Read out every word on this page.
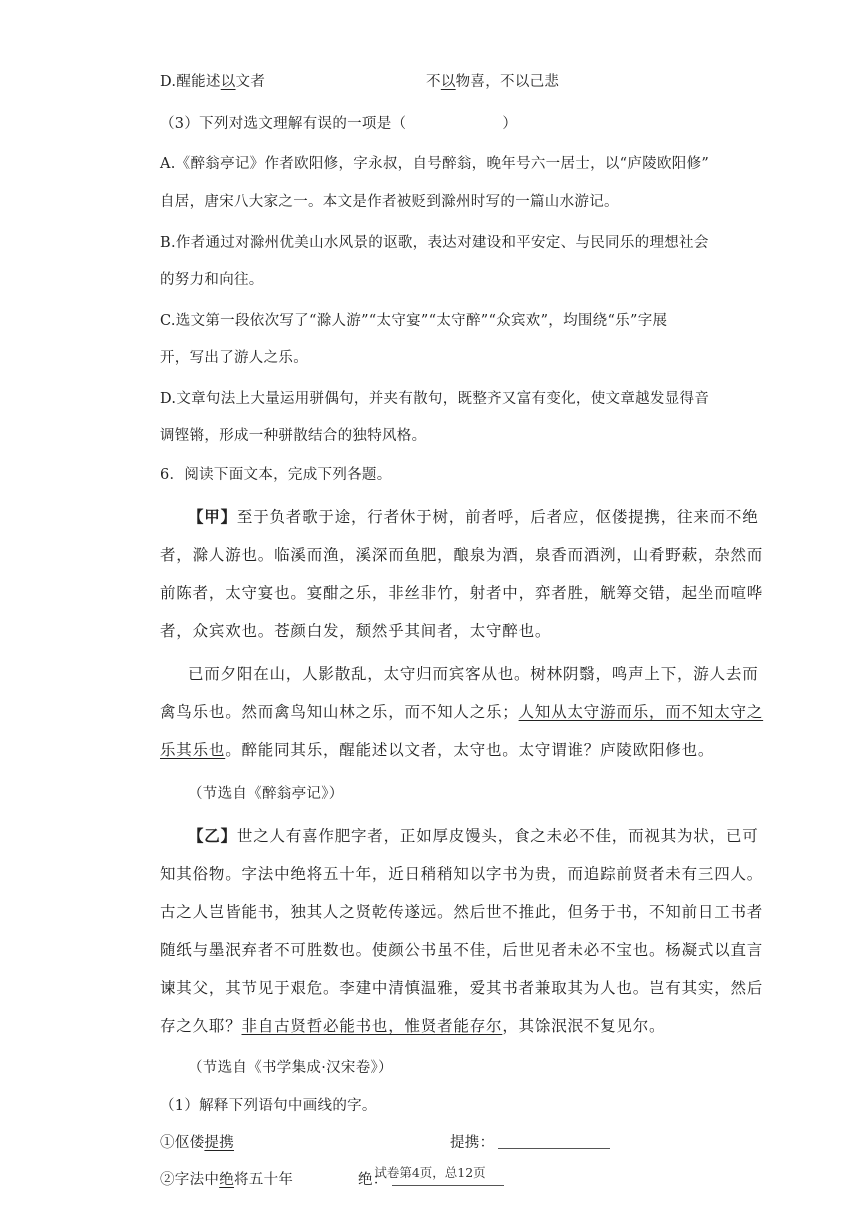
D.醒能述以文者	不以物喜，不以己悲
（3）下列对选文理解有误的一项是（	）
A.《醉翁亭记》作者欧阳修，字永叔，自号醉翁，晚年号六一居士，以“庐陵欧阳修”
自居，唐宋八大家之一。本文是作者被贬到滁州时写的一篇山水游记。
B.作者通过对滁州优美山水风景的讴歌，表达对建设和平安定、与民同乐的理想社会
的努力和向往。
C.选文第一段依次写了“滁人游”“太守宴”“太守醉”“众宾欢”，均围绕“乐”字展
开，写出了游人之乐。
D.文章句法上大量运用骈偶句，并夹有散句，既整齐又富有变化，使文章越发显得音
调铿锵，形成一种骈散结合的独特风格。
6．阅读下面文本，完成下列各题。
【甲】至于负者歌于途，行者休于树，前者呼，后者应，伛偻提携，往来而不绝
者，滁人游也。临溪而渔，溪深而鱼肥，酿泉为酒，泉香而酒洌，山肴野蔌，杂然而
前陈者，太守宴也。宴酣之乐，非丝非竹，射者中，弈者胜，觥筹交错，起坐而喧哗
者，众宾欢也。苍颜白发，颓然乎其间者，太守醉也。
已而夕阳在山，人影散乱，太守归而宾客从也。树林阴翳，鸣声上下，游人去而
禽鸟乐也。然而禽鸟知山林之乐，而不知人之乐；人知从太守游而乐，而不知太守之
乐其乐也。醉能同其乐，醒能述以文者，太守也。太守谓谁？庐陵欧阳修也。
（节选自《醉翁亭记》）
【乙】世之人有喜作肥字者，正如厚皮馒头，食之未必不佳，而视其为状，已可
知其俗物。字法中绝将五十年，近日稍稍知以字书为贵，而追踪前贤者未有三四人。
古之人岂皆能书，独其人之贤乾传遂远。然后世不推此，但务于书，不知前日工书者
随纸与墨泯弃者不可胜数也。使颜公书虽不佳，后世见者未必不宝也。杨凝式以直言
谏其父，其节见于艰危。李建中清慎温雅，爱其书者兼取其为人也。岂有其实，然后
存之久耶？非自古贤哲必能书也，惟贤者能存尔，其馀泯泯不复见尔。
（节选自《书学集成·汉宋卷》）
（1）解释下列语句中画线的字。
①伛偻提携	提携：
②字法中绝将五十年	绝：
试卷第4页，总12页
